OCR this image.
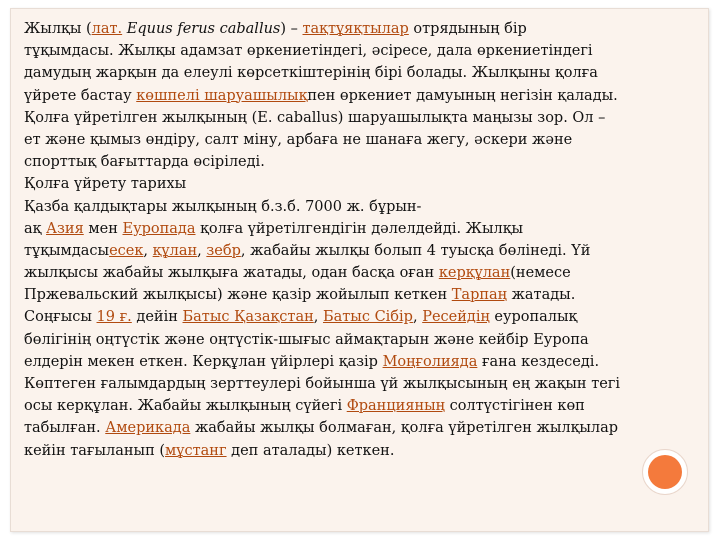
Жылқы (лат. Equus ferus caballus) – тақтұяқтылар отрядының бір
тұқымдасы. Жылқы адамзат өркениетіндегі, әсіресе, дала өркениетіндегі
дамудың жарқын да елеулі көрсеткіштерінің бірі болады. Жылқыны қолға
үйрете бастау көшпелі шаруашылықпен өркениет дамуының негізін қалады.
Қолға үйретілген жылқының (E. caballus) шаруашылықта маңызы зор. Ол –
ет және қымыз өндіру, салт міну, арбаға не шанаға жегу, әскери және
спорттық бағыттарда өсіріледі.
Қолға үйрету тарихы
Қазба қалдықтары жылқының б.з.б. 7000 ж. бұрын-
ақ Азия мен Еуропада қолға үйретілгендігін дәлелдейді. Жылқы
тұқымдасыесек, құлан, зебр, жабайы жылқы болып 4 туысқа бөлінеді. Үй
жылқысы жабайы жылқыға жатады, одан басқа оған керқұлан(немесе
Пржевальский жылқысы) және қазір жойылып кеткен Тарпаң жатады.
Соңғысы 19 ғ. дейін Батыс Қазақстан, Батыс Сібір, Ресейдің еуропалық
бөлігінің оңтүстік және оңтүстік-шығыс аймақтарын және кейбір Еуропа
елдерін мекен еткен. Керқұлан үйірлері қазір Моңғолияда ғана кездеседі.
Көптеген ғалымдардың зерттеулері бойынша үй жылқысының ең жақын тегі
осы керқұлан. Жабайы жылқының сүйегі Францияның солтүстігінен көп
табылған. Америкада жабайы жылқы болмаған, қолға үйретілген жылқылар
кейін тағыланып (мұстанг деп аталады) кеткен.
